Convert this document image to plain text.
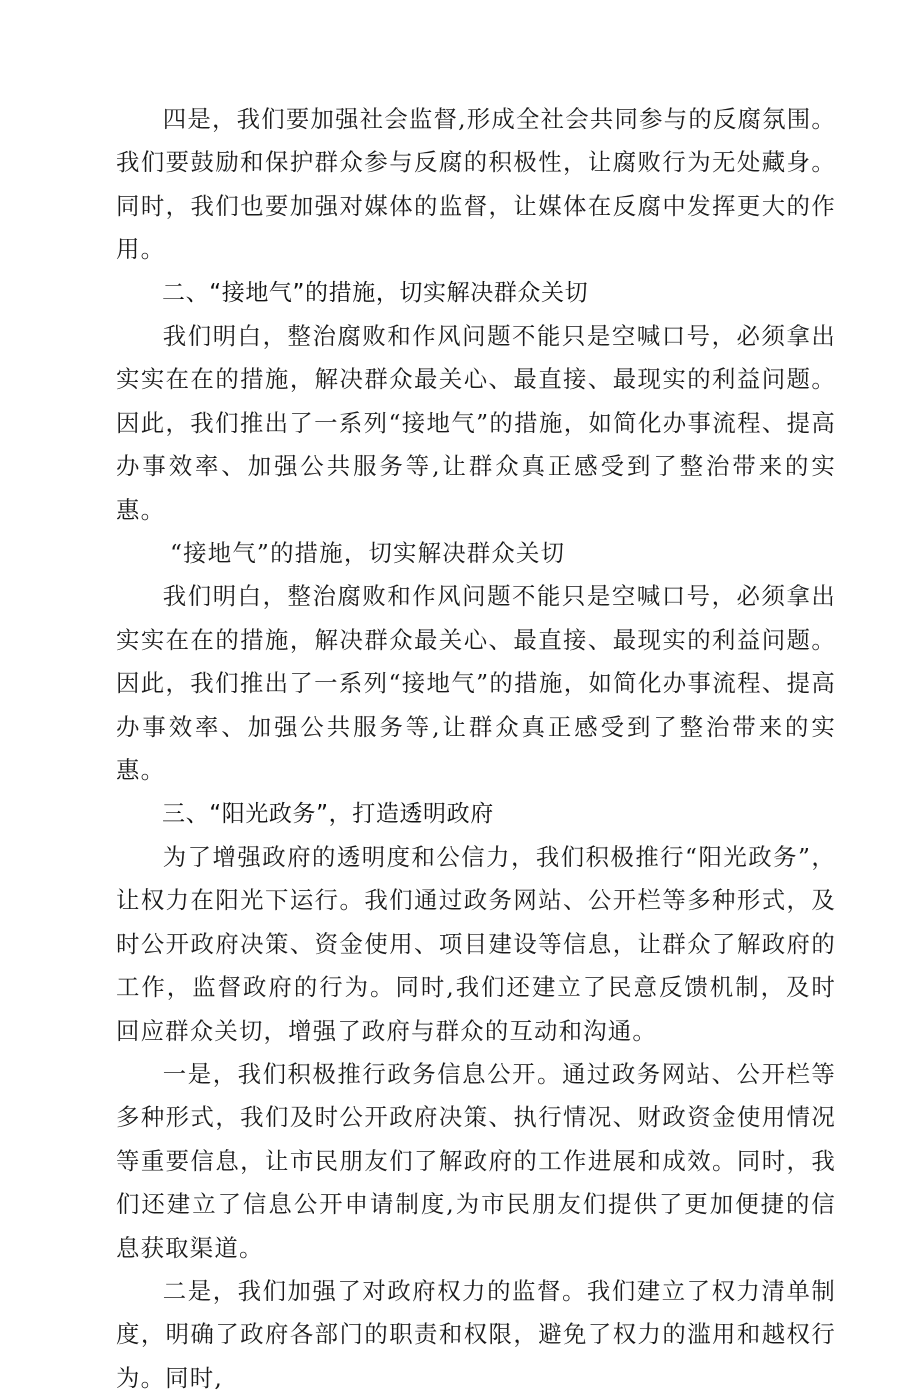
四是，我们要加强社会监督,形成全社会共同参与的反腐氛围。我们要鼓励和保护群众参与反腐的积极性，让腐败行为无处藏身。同时，我们也要加强对媒体的监督，让媒体在反腐中发挥更大的作用。

二、“接地气”的措施，切实解决群众关切

我们明白，整治腐败和作风问题不能只是空喊口号，必须拿出实实在在的措施，解决群众最关心、最直接、最现实的利益问题。因此，我们推出了一系列“接地气”的措施，如简化办事流程、提高办事效率、加强公共服务等,让群众真正感受到了整治带来的实惠。

“接地气”的措施，切实解决群众关切

我们明白，整治腐败和作风问题不能只是空喊口号，必须拿出实实在在的措施，解决群众最关心、最直接、最现实的利益问题。因此，我们推出了一系列“接地气”的措施，如简化办事流程、提高办事效率、加强公共服务等,让群众真正感受到了整治带来的实惠。

三、“阳光政务”，打造透明政府

为了增强政府的透明度和公信力，我们积极推行“阳光政务”，让权力在阳光下运行。我们通过政务网站、公开栏等多种形式，及时公开政府决策、资金使用、项目建设等信息，让群众了解政府的工作，监督政府的行为。同时,我们还建立了民意反馈机制，及时回应群众关切，增强了政府与群众的互动和沟通。

一是，我们积极推行政务信息公开。通过政务网站、公开栏等多种形式，我们及时公开政府决策、执行情况、财政资金使用情况等重要信息，让市民朋友们了解政府的工作进展和成效。同时，我们还建立了信息公开申请制度,为市民朋友们提供了更加便捷的信息获取渠道。

二是，我们加强了对政府权力的监督。我们建立了权力清单制度，明确了政府各部门的职责和权限，避免了权力的滥用和越权行为。同时,
